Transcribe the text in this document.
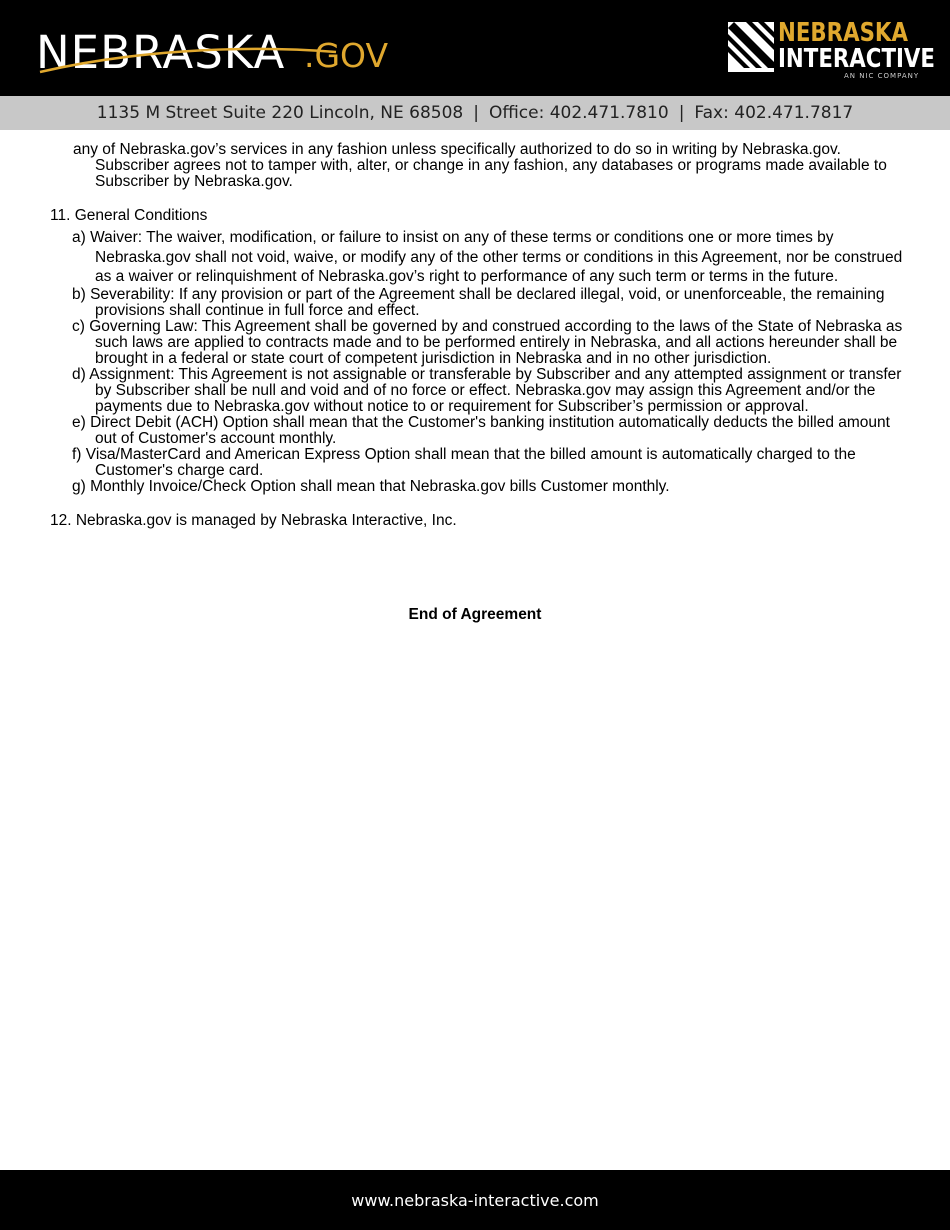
NEBRASKA .GOV
NEBRASKA
INTERACTIVE
AN NIC COMPANY
1135 M Street Suite 220 Lincoln, NE 68508 | Office: 402.471.7810 | Fax: 402.471.7817

any of Nebraska.gov’s services in any fashion unless specifically authorized to do so in writing by Nebraska.gov. Subscriber agrees not to tamper with, alter, or change in any fashion, any databases or programs made available to Subscriber by Nebraska.gov.

11. General Conditions

a) Waiver: The waiver, modification, or failure to insist on any of these terms or conditions one or more times by Nebraska.gov shall not void, waive, or modify any of the other terms or conditions in this Agreement, nor be construed as a waiver or relinquishment of Nebraska.gov’s right to performance of any such term or terms in the future.

b) Severability: If any provision or part of the Agreement shall be declared illegal, void, or unenforceable, the remaining provisions shall continue in full force and effect.

c) Governing Law: This Agreement shall be governed by and construed according to the laws of the State of Nebraska as such laws are applied to contracts made and to be performed entirely in Nebraska, and all actions hereunder shall be brought in a federal or state court of competent jurisdiction in Nebraska and in no other jurisdiction.

d) Assignment: This Agreement is not assignable or transferable by Subscriber and any attempted assignment or transfer by Subscriber shall be null and void and of no force or effect. Nebraska.gov may assign this Agreement and/or the payments due to Nebraska.gov without notice to or requirement for Subscriber’s permission or approval.

e) Direct Debit (ACH) Option shall mean that the Customer's banking institution automatically deducts the billed amount out of Customer's account monthly.

f) Visa/MasterCard and American Express Option shall mean that the billed amount is automatically charged to the Customer's charge card.

g) Monthly Invoice/Check Option shall mean that Nebraska.gov bills Customer monthly.

12. Nebraska.gov is managed by Nebraska Interactive, Inc.

End of Agreement
www.nebraska-interactive.com
